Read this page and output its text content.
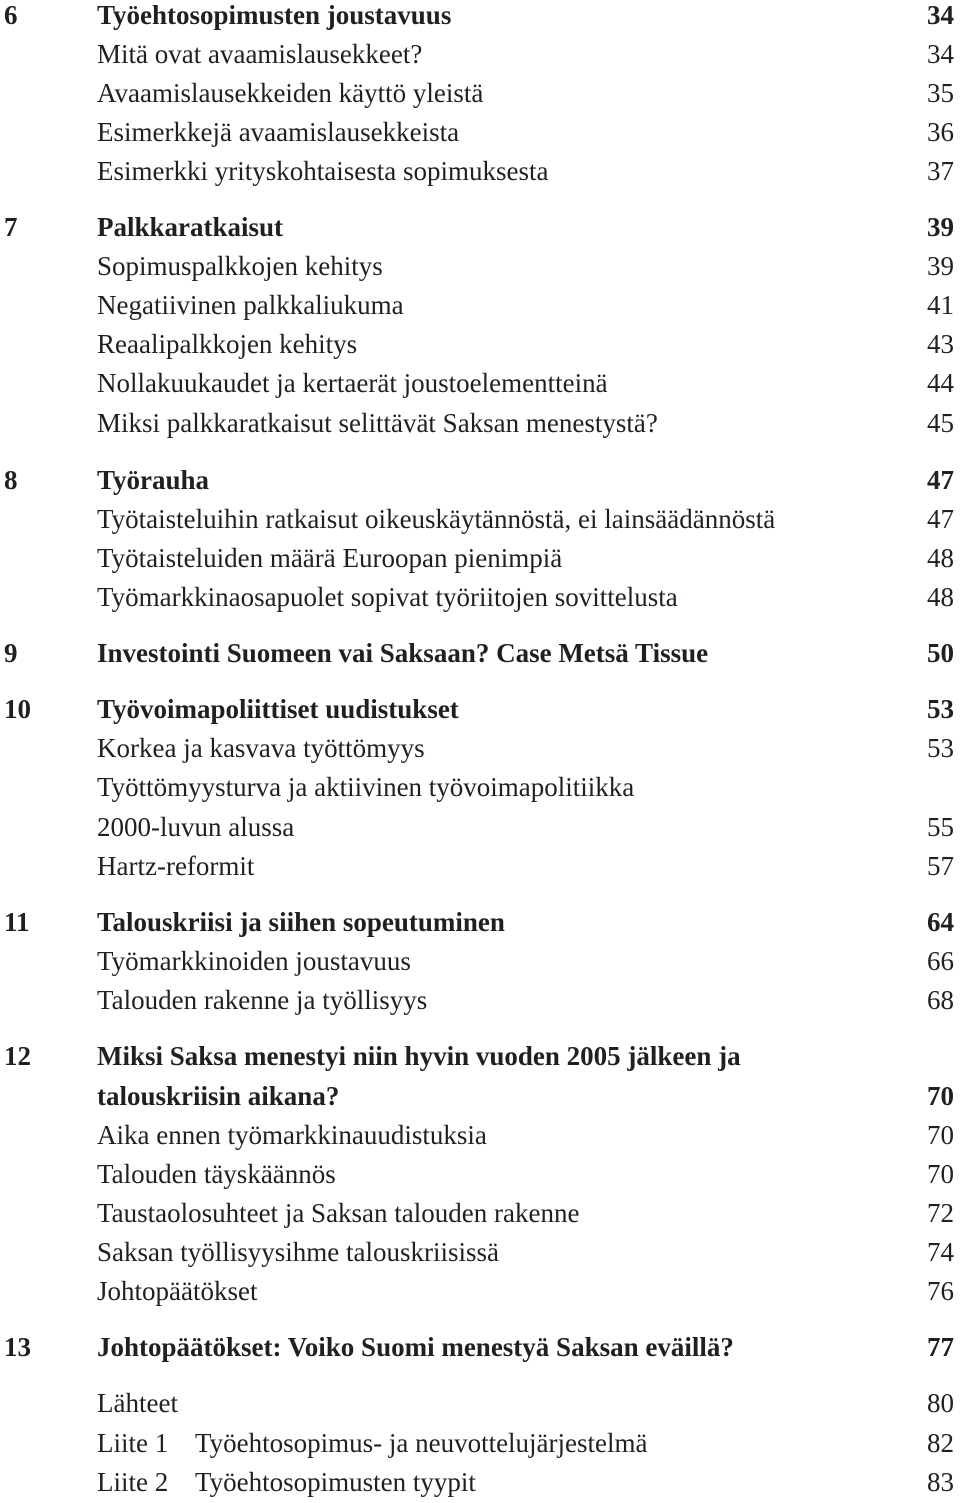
6	Työehtosopimusten joustavuus	34
Mitä ovat avaamislausekkeet?	34
Avaamislausekkeiden käyttö yleistä	35
Esimerkkejä avaamislausekkeista	36
Esimerkki yrityskohtaisesta sopimuksesta	37
7	Palkkaratkaisut	39
Sopimuspalkkojen kehitys	39
Negatiivinen palkkaliukuma	41
Reaalipalkkojen kehitys	43
Nollakuukaudet ja kertaerät joustoelementteinä	44
Miksi palkkaratkaisut selittävät Saksan menestystä?	45
8	Työrauha	47
Työtaisteluihin ratkaisut oikeuskäytännöstä, ei lainsäädännöstä	47
Työtaisteluiden määrä Euroopan pienimpiä	48
Työmarkkinaosapuolet sopivat työriitojen sovittelusta	48
9	Investointi Suomeen vai Saksaan? Case Metsä Tissue	50
10 Työvoimapoliittiset uudistukset	53
Korkea ja kasvava työttömyys	53
Työttömyysturva ja aktiivinen työvoimapolitiikka
2000-luvun alussa	55
Hartz-reformit	57
11 Talouskriisi ja siihen sopeutuminen	64
Työmarkkinoiden joustavuus	66
Talouden rakenne ja työllisyys	68
12 Miksi Saksa menestyi niin hyvin vuoden 2005 jälkeen ja
talouskriisin aikana?	70
Aika ennen työmarkkinauudistuksia	70
Talouden täyskäännös	70
Taustaolosuhteet ja Saksan talouden rakenne	72
Saksan työllisyysihme talouskriisissä	74
Johtopäätökset	76
13 Johtopäätökset: Voiko Suomi menestyä Saksan eväillä?	77
Lähteet	80
Liite 1 Työehtosopimus- ja neuvottelujärjestelmä	82
Liite 2 Työehtosopimusten tyypit	83
